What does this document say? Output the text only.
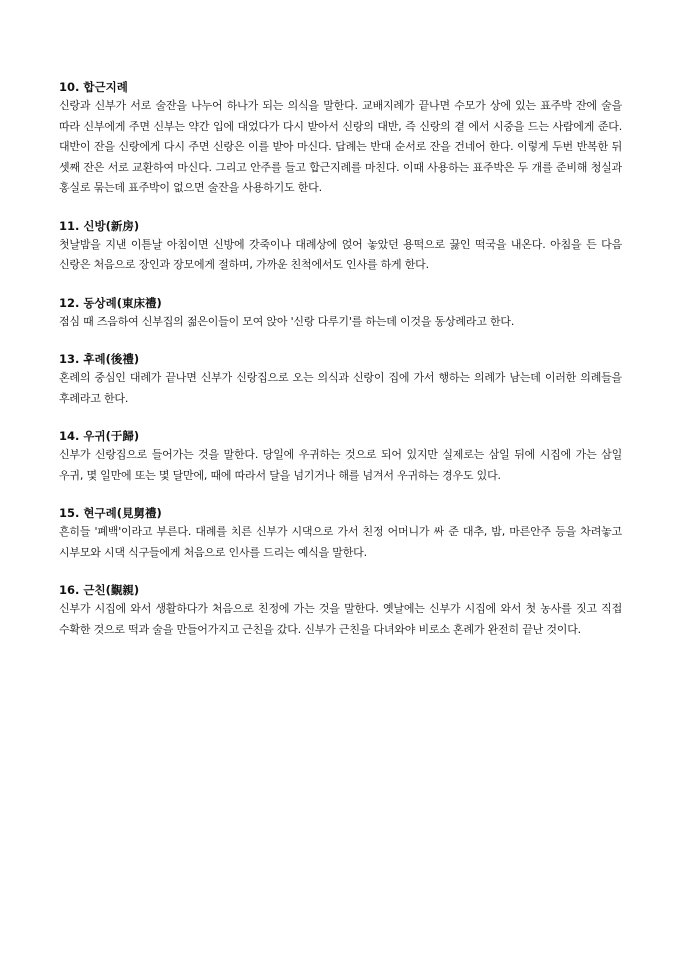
10. 합근지례

신랑과 신부가 서로 술잔을 나누어 하나가 되는 의식을 말한다. 교배지례가 끝나면 수모가 상에 있는 표주박 잔에 술을 따라 신부에게 주면 신부는 약간 입에 대었다가 다시 받아서 신랑의 대반, 즉 신랑의 곁 에서 시중을 드는 사람에게 준다. 대반이 잔을 신랑에게 다시 주면 신랑은 이를 받아 마신다. 답례는 반대 순서로 잔을 건네어 한다. 이렇게 두번 반복한 뒤 셋째 잔은 서로 교환하여 마신다. 그리고 안주를 들고 합근지례를 마친다. 이때 사용하는 표주박은 두 개를 준비해 청실과 홍실로 묶는데 표주박이 없으면 술잔을 사용하기도 한다.

11. 신방(新房)

첫날밤을 지낸 이튿날 아침이면 신방에 갓죽이나 대례상에 얹어 놓았던 용떡으로 끓인 떡국을 내온다. 아침을 든 다음 신랑은 처음으로 장인과 장모에게 절하며, 가까운 친척에서도 인사를 하게 한다.

12. 동상례(東床禮)

점심 때 즈음하여 신부집의 젊은이들이 모여 앉아 '신랑 다루기'를 하는데 이것을 동상례라고 한다.

13. 후례(後禮)

혼례의 중심인 대례가 끝나면 신부가 신랑집으로 오는 의식과 신랑이 집에 가서 행하는 의례가 남는데 이러한 의례들을 후례라고 한다.

14. 우귀(于歸)

신부가 신랑집으로 들어가는 것을 말한다. 당일에 우귀하는 것으로 되어 있지만 실제로는 삼일 뒤에 시집에 가는 삼일 우귀, 몇 일만에 또는 몇 달만에, 때에 따라서 달을 넘기거나 해를 넘겨서 우귀하는 경우도 있다.

15. 현구례(見舅禮)

흔히들 '폐백'이라고 부른다. 대례를 치른 신부가 시댁으로 가서 친정 어머니가 싸 준 대추, 밤, 마른안주 등을 차려놓고 시부모와 시댁 식구들에게 처음으로 인사를 드리는 예식을 말한다.

16. 근친(覲親)

신부가 시집에 와서 생활하다가 처음으로 친정에 가는 것을 말한다. 옛날에는 신부가 시집에 와서 첫 농사를 짓고 직접 수확한 것으로 떡과 술을 만들어가지고 근친을 갔다. 신부가 근친을 다녀와야 비로소 혼례가 완전히 끝난 것이다.
